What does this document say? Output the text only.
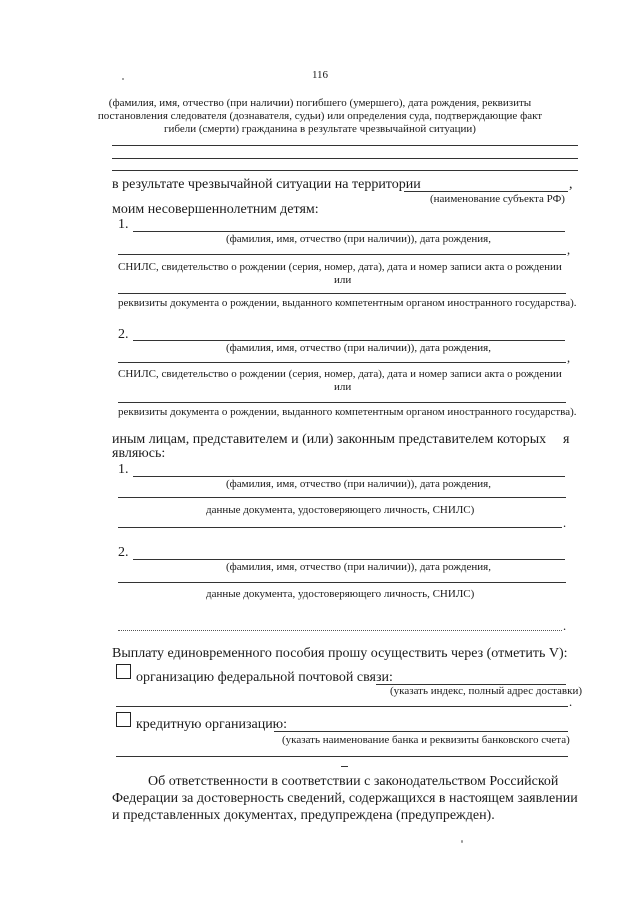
116
(фамилия, имя, отчество (при наличии) погибшего (умершего), дата рождения, реквизиты
постановления следователя (дознавателя, судьи) или определения суда, подтверждающие факт
гибели (смерти) гражданина в результате чрезвычайной ситуации)
в результате чрезвычайной ситуации на территории	,
(наименование субъекта РФ)
моим несовершеннолетним детям:
1.
(фамилия, имя, отчество (при наличии)), дата рождения,
,
СНИЛС, свидетельство о рождении (серия, номер, дата), дата и номер записи акта о рождении
или
реквизиты документа о рождении, выданного компетентным органом иностранного государства).
2.
(фамилия, имя, отчество (при наличии)), дата рождения,
,
СНИЛС, свидетельство о рождении (серия, номер, дата), дата и номер записи акта о рождении
или
реквизиты документа о рождении, выданного компетентным органом иностранного государства).
иным лицам, представителем и (или) законным представителем которых я
являюсь:
1.
(фамилия, имя, отчество (при наличии)), дата рождения,
данные документа, удостоверяющего личность, СНИЛС)
.
2.
(фамилия, имя, отчество (при наличии)), дата рождения,
данные документа, удостоверяющего личность, СНИЛС)
.
Выплату единовременного пособия прошу осуществить через (отметить V):
организацию федеральной почтовой связи:
(указать индекс, полный адрес доставки)
.
кредитную организацию:
(указать наименование банка и реквизиты банковского счета)
Об ответственности в соответствии с законодательством Российской
Федерации за достоверность сведений, содержащихся в настоящем заявлении
и представленных документах, предупреждена (предупрежден).
